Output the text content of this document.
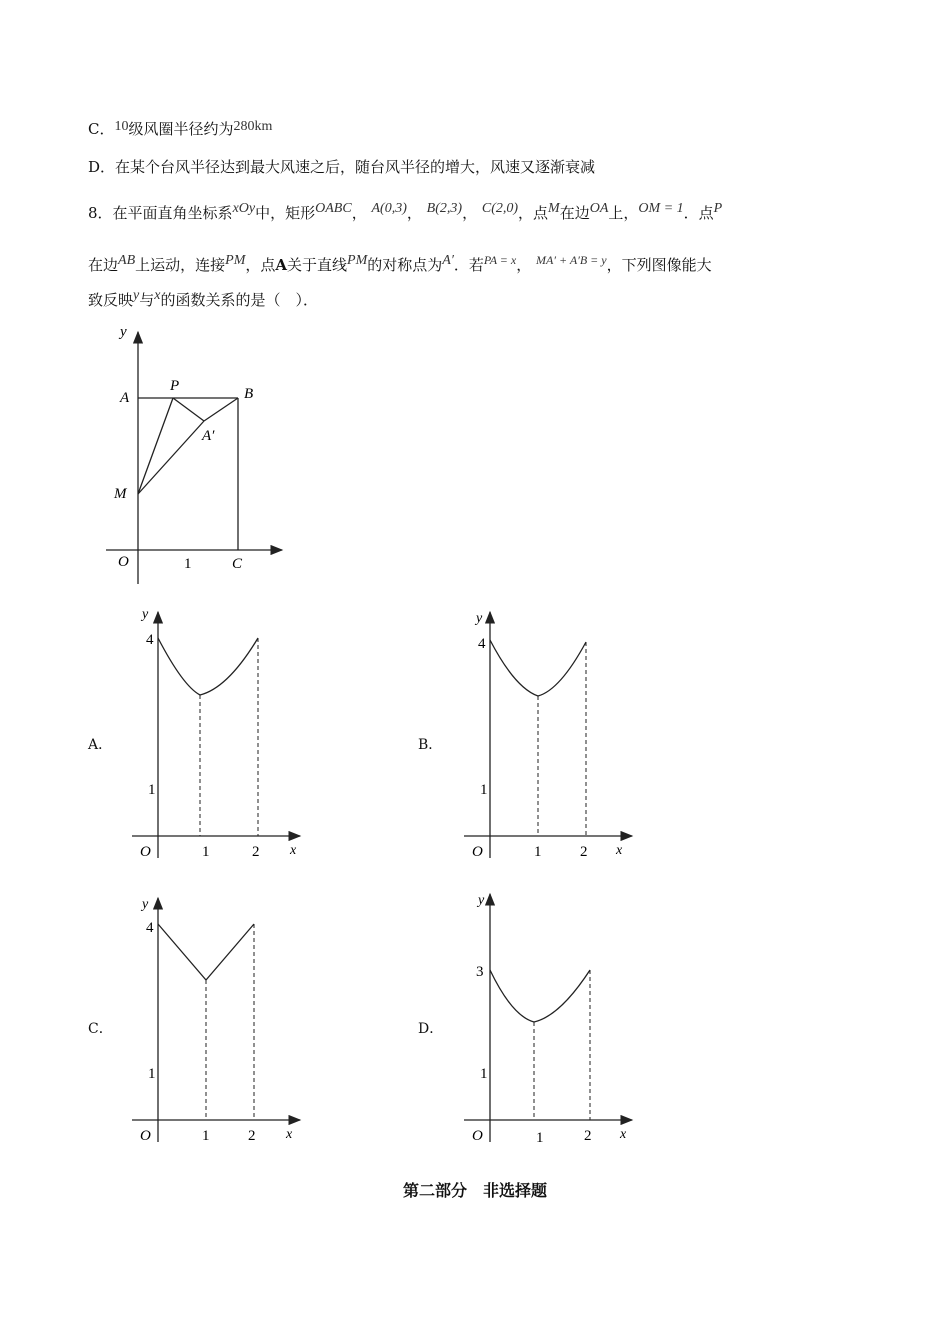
C．10级风圈半径约为280km
D．在某个台风半径达到最大风速之后，随台风半径的增大，风速又逐渐衰减
8．在平面直角坐标系xOy中，矩形OABC， A(0,3)， B(2,3)， C(2,0)，点M在边OA上，OM = 1．点P
在边AB上运动，连接PM，点A关于直线PM的对称点为A′．若$^{PA = x}$， $^{MA' + A'B = y}$，下列图像能大
致反映y与x的函数关系的是（　）．
y
A
P	B
A′
M
O	1	C
A．
y
4
1
O	1	2 x
B．
y
4
1
O	1	2 x
C．
y
4
1
O	1	2 x
D．
y
3
1
O	1	2 x
第二部分　非选择题
